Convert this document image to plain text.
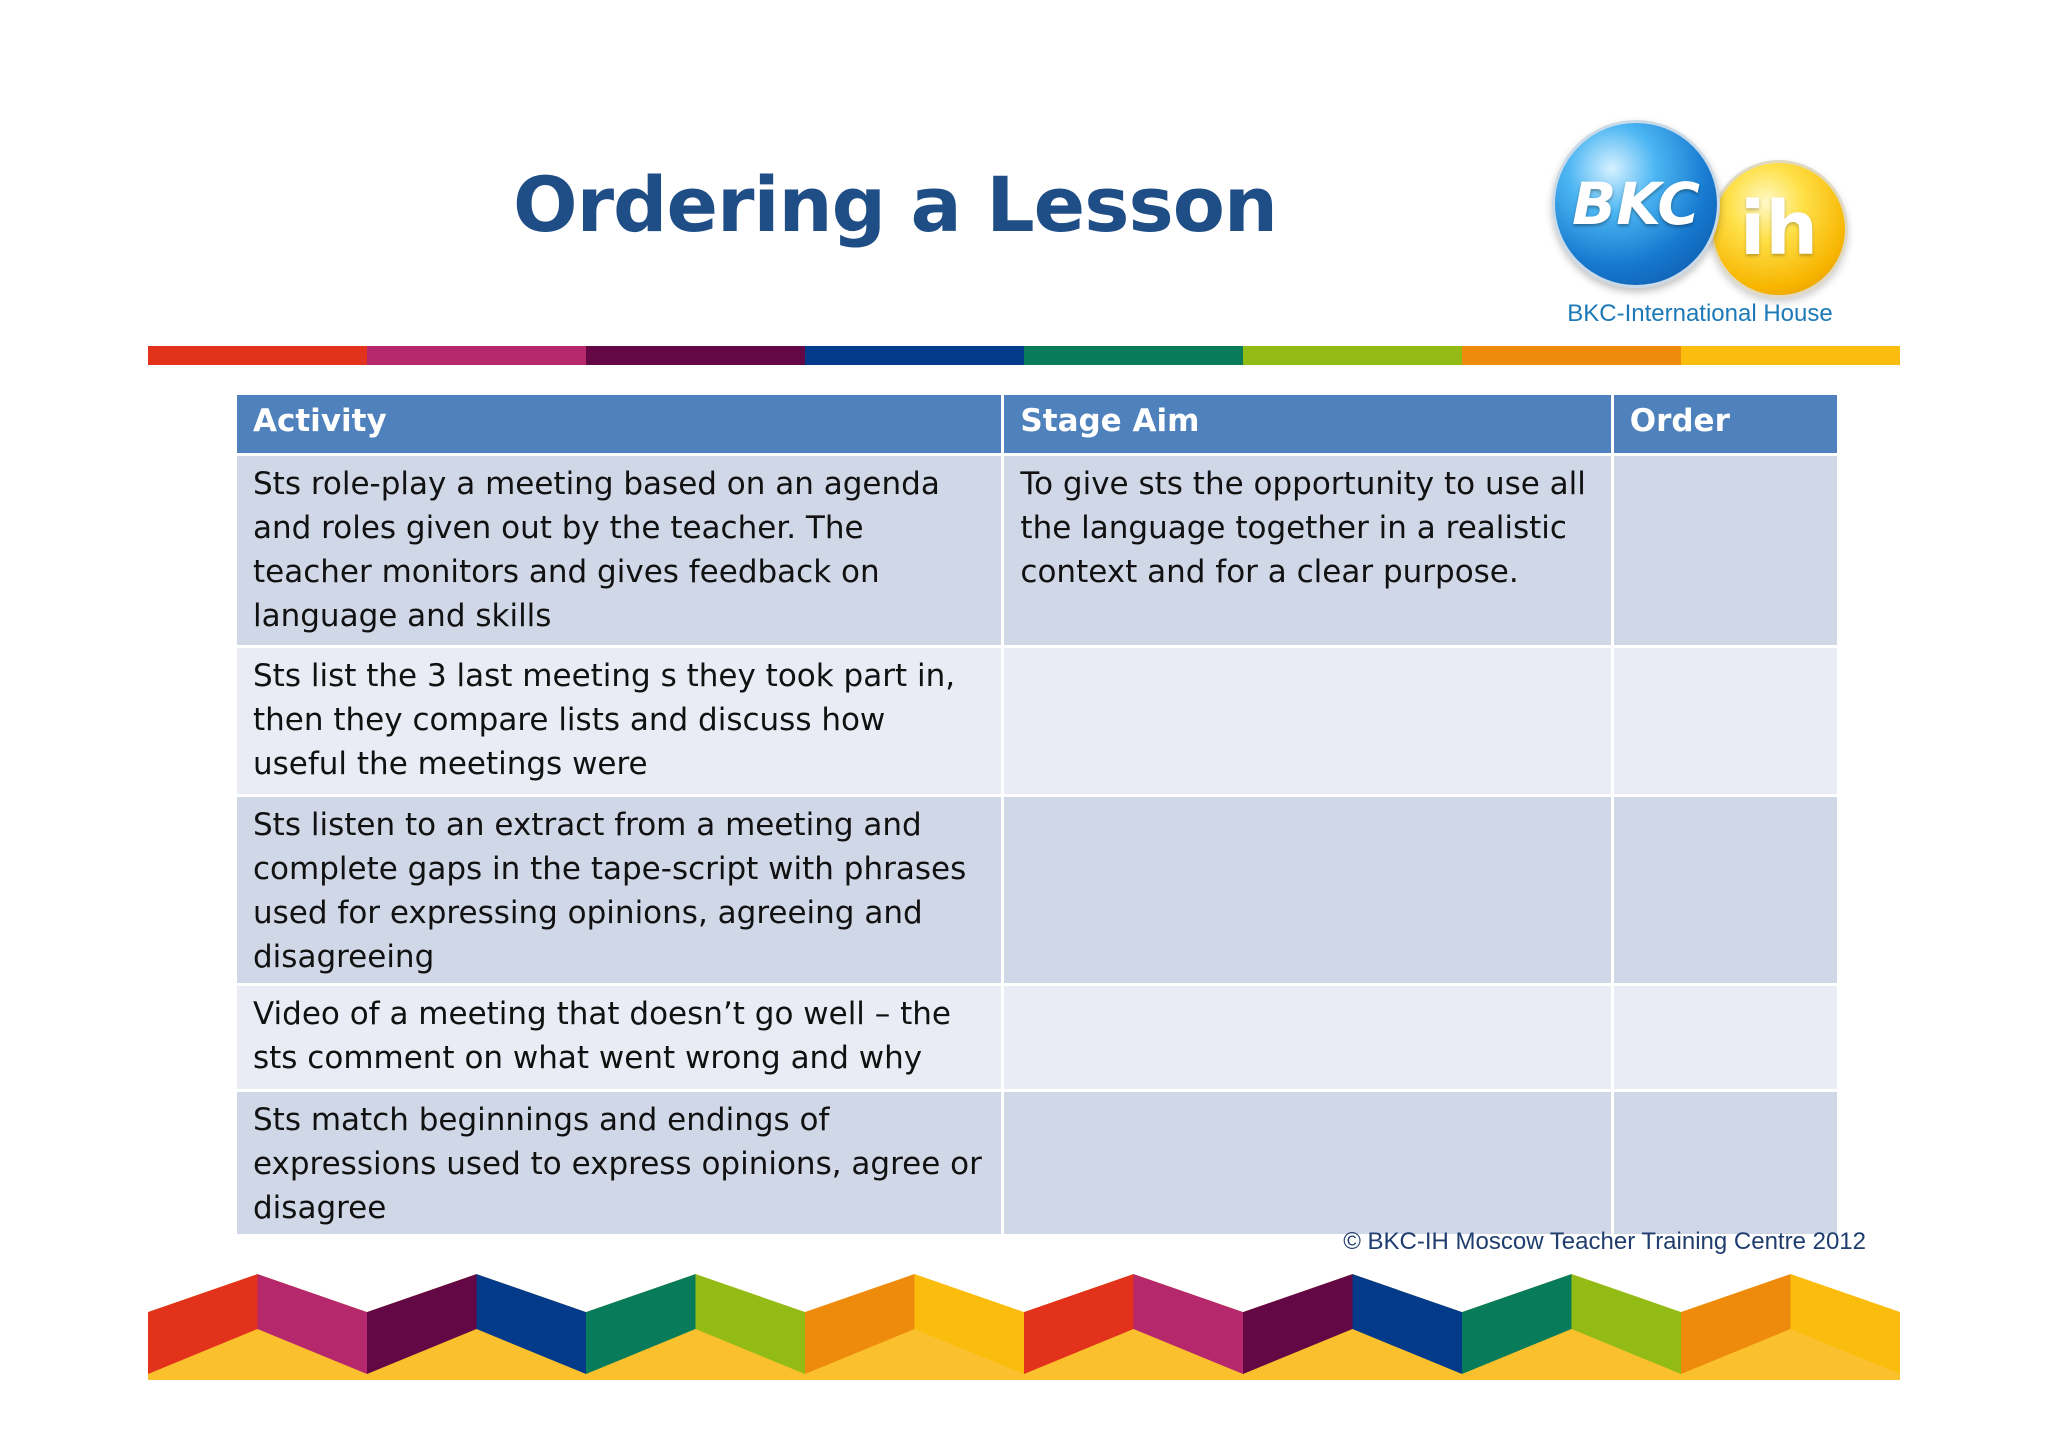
Ordering a Lesson	BKC ih
BKC-International House
Activity	Stage Aim	Order
Sts role-play a meeting based on an agenda and roles given out by the teacher. The teacher monitors and gives feedback on language and skills	To give sts the opportunity to use all the language together in a realistic context and for a clear purpose.	
Sts list the 3 last meeting s they took part in, then they compare lists and discuss how useful the meetings were		
Sts listen to an extract from a meeting and complete gaps in the tape-script with phrases used for expressing opinions, agreeing and disagreeing		
Video of a meeting that doesn’t go well – the sts comment on what went wrong and why		
Sts match beginnings and endings of expressions used to express opinions, agree or disagree		
© BKC-IH Moscow Teacher Training Centre 2012
